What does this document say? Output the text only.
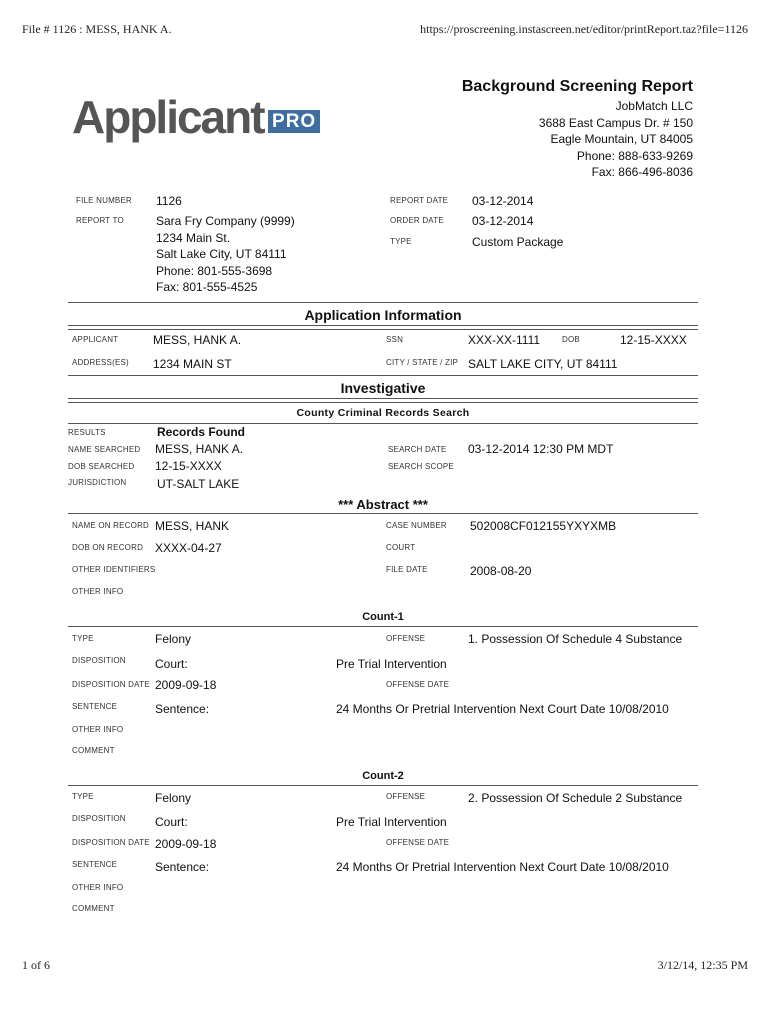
File # 1126 : MESS, HANK A.	https://proscreening.instascreen.net/editor/printReport.taz?file=1126
Applicant PRO
Background Screening Report
JobMatch LLC
3688 East Campus Dr. # 150
Eagle Mountain, UT 84005
Phone: 888-633-9269
Fax: 866-496-8036
FILE NUMBER 1126
REPORT TO	Sara Fry Company (9999)
1234 Main St.
Salt Lake City, UT 84111
Phone: 801-555-3698
Fax: 801-555-4525
REPORT DATE 03-12-2014
ORDER DATE 03-12-2014
TYPE	Custom Package
Application Information
APPLICANT	MESS, HANK A.	SSN	XXX-XX-1111	DOB	12-15-XXXX
ADDRESS(ES) 1234 MAIN ST	CITY / STATE / ZIP SALT LAKE CITY, UT 84111
Investigative
County Criminal Records Search
RESULTS	Records Found
NAME SEARCHED MESS, HANK A.
DOB SEARCHED 12-15-XXXX
JURISDICTION	UT-SALT LAKE
SEARCH DATE 03-12-2014 12:30 PM MDT
SEARCH SCOPE
*** Abstract ***
NAME ON RECORD MESS, HANK	CASE NUMBER 502008CF012155YXYXMB
DOB ON RECORD XXXX-04-27	COURT
OTHER IDENTIFIERS	FILE DATE	2008-08-20
OTHER INFO
Count-1
TYPE	Felony	OFFENSE	1. Possession Of Schedule 4 Substance
DISPOSITION Court:	Pre Trial Intervention
DISPOSITION DATE 2009-09-18	OFFENSE DATE
SENTENCE	Sentence:	24 Months Or Pretrial Intervention Next Court Date 10/08/2010
OTHER INFO
COMMENT
Count-2
TYPE	Felony	OFFENSE	2. Possession Of Schedule 2 Substance
DISPOSITION Court:	Pre Trial Intervention
DISPOSITION DATE 2009-09-18	OFFENSE DATE
SENTENCE	Sentence:	24 Months Or Pretrial Intervention Next Court Date 10/08/2010
OTHER INFO
COMMENT
1 of 6	3/12/14, 12:35 PM
